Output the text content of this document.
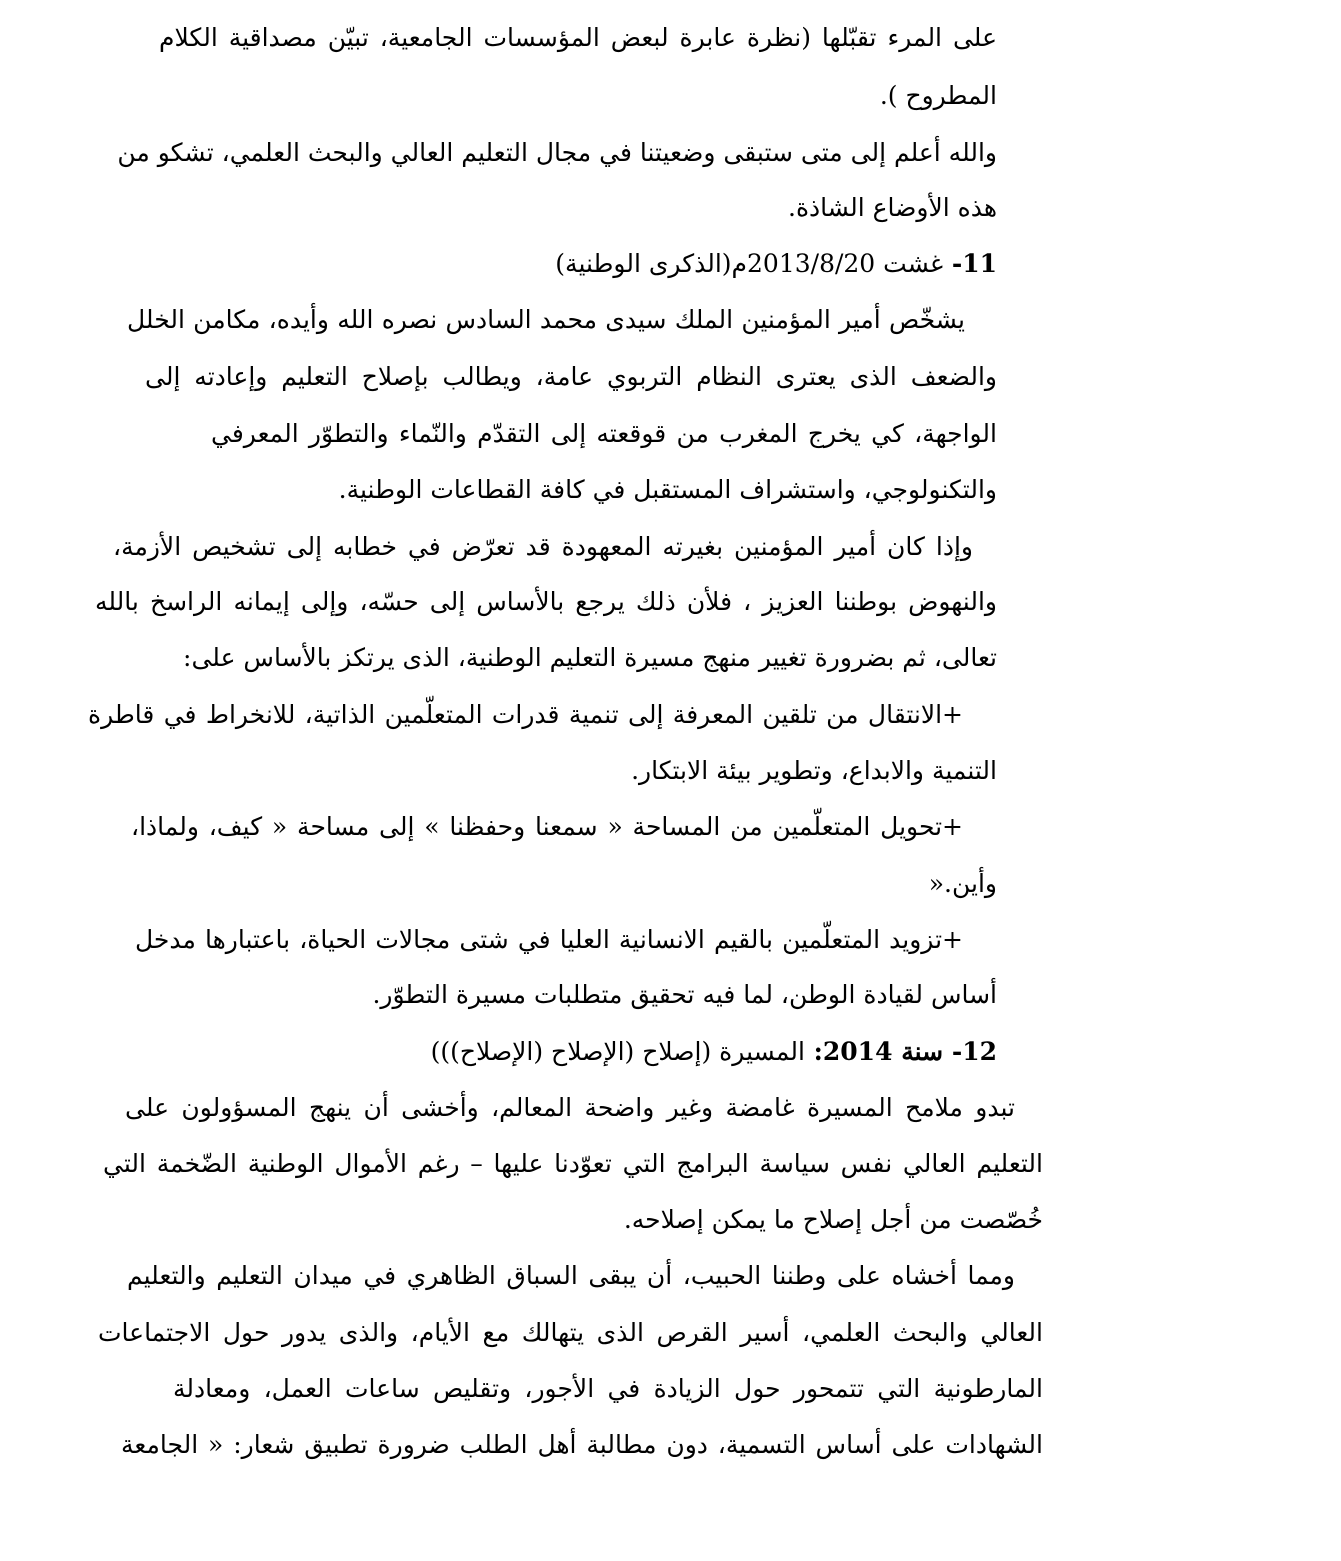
على المرء تقبّلها (نظرة عابرة لبعض المؤسسات الجامعية، تبيّن مصداقية الكلام
المطروح ).
والله أعلم إلى متى ستبقى وضعيتنا في مجال التعليم العالي والبحث العلمي، تشكو من
هذه الأوضاع الشاذة.
11- غشت 2013/8/20م(الذكرى الوطنية)
يشخّص أمير المؤمنين الملك سيدى محمد السادس نصره الله وأيده، مكامن الخلل
والضعف الذى يعترى النظام التربوي عامة، ويطالب بإصلاح التعليم وإعادته إلى
الواجهة، كي يخرج المغرب من قوقعته إلى التقدّم والنّماء والتطوّر المعرفي
والتكنولوجي، واستشراف المستقبل في كافة القطاعات الوطنية.
وإذا كان أمير المؤمنين بغيرته المعهودة قد تعرّض في خطابه إلى تشخيص الأزمة،
والنهوض بوطننا العزيز ، فلأن ذلك يرجع بالأساس إلى حسّه، وإلى إيمانه الراسخ بالله
تعالى، ثم بضرورة تغيير منهج مسيرة التعليم الوطنية، الذى يرتكز بالأساس على:
+الانتقال من تلقين المعرفة إلى تنمية قدرات المتعلّمين الذاتية، للانخراط في قاطرة
التنمية والابداع، وتطوير بيئة الابتكار.
+تحويل المتعلّمين من المساحة « سمعنا وحفظنا » إلى مساحة « كيف، ولماذا،
وأين.«
+تزويد المتعلّمين بالقيم الانسانية العليا في شتى مجالات الحياة، باعتبارها مدخل
أساس لقيادة الوطن، لما فيه تحقيق متطلبات مسيرة التطوّر.
12- سنة 2014: المسيرة (إصلاح (الإصلاح (الإصلاح)))
تبدو ملامح المسيرة غامضة وغير واضحة المعالم، وأخشى أن ينهج المسؤولون على
التعليم العالي نفس سياسة البرامج التي تعوّدنا عليها – رغم الأموال الوطنية الضّخمة التي
خُصّصت من أجل إصلاح ما يمكن إصلاحه.
ومما أخشاه على وطننا الحبيب، أن يبقى السباق الظاهري في ميدان التعليم والتعليم
العالي والبحث العلمي، أسير القرص الذى يتهالك مع الأيام، والذى يدور حول الاجتماعات
المارطونية التي تتمحور حول الزيادة في الأجور، وتقليص ساعات العمل، ومعادلة
الشهادات على أساس التسمية، دون مطالبة أهل الطلب ضرورة تطبيق شعار: « الجامعة
